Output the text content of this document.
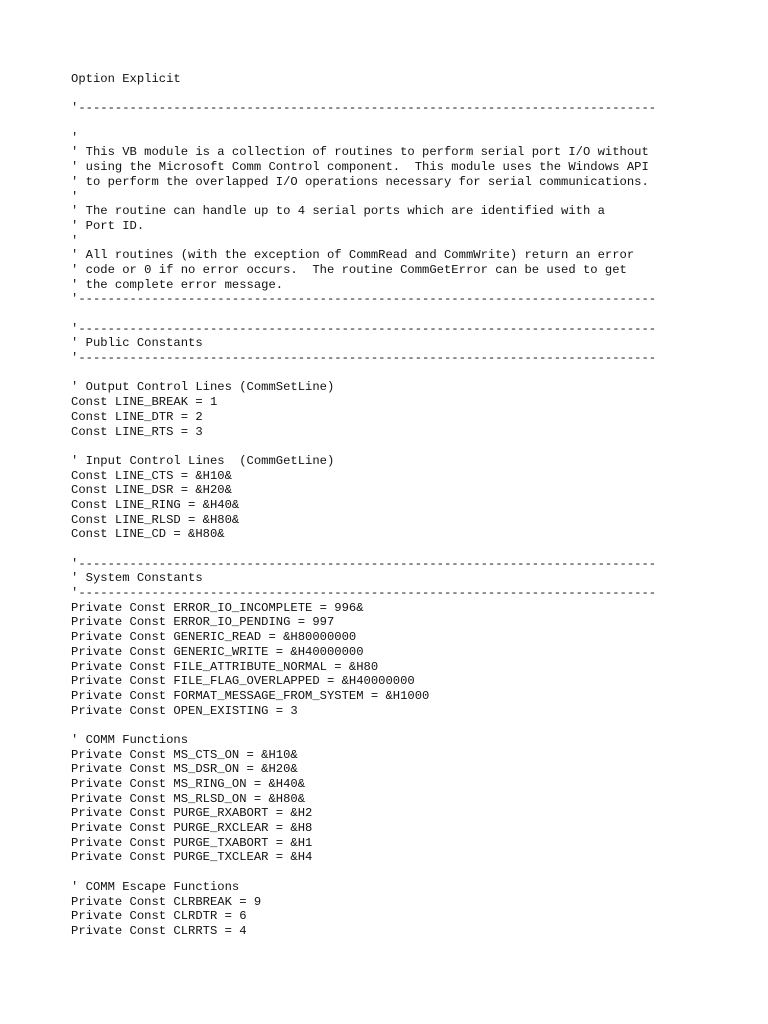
Option Explicit
'-------------------------------------------------------------------------------
'
' This VB module is a collection of routines to perform serial port I/O without
' using the Microsoft Comm Control component.  This module uses the Windows API
' to perform the overlapped I/O operations necessary for serial communications.
'
' The routine can handle up to 4 serial ports which are identified with a
' Port ID.
'
' All routines (with the exception of CommRead and CommWrite) return an error
' code or 0 if no error occurs.  The routine CommGetError can be used to get
' the complete error message.
'-------------------------------------------------------------------------------
'-------------------------------------------------------------------------------
' Public Constants
'-------------------------------------------------------------------------------
' Output Control Lines (CommSetLine)
Const LINE_BREAK = 1
Const LINE_DTR = 2
Const LINE_RTS = 3
' Input Control Lines  (CommGetLine)
Const LINE_CTS = &H10&
Const LINE_DSR = &H20&
Const LINE_RING = &H40&
Const LINE_RLSD = &H80&
Const LINE_CD = &H80&
'-------------------------------------------------------------------------------
' System Constants
'-------------------------------------------------------------------------------
Private Const ERROR_IO_INCOMPLETE = 996&
Private Const ERROR_IO_PENDING = 997
Private Const GENERIC_READ = &H80000000
Private Const GENERIC_WRITE = &H40000000
Private Const FILE_ATTRIBUTE_NORMAL = &H80
Private Const FILE_FLAG_OVERLAPPED = &H40000000
Private Const FORMAT_MESSAGE_FROM_SYSTEM = &H1000
Private Const OPEN_EXISTING = 3
' COMM Functions
Private Const MS_CTS_ON = &H10&
Private Const MS_DSR_ON = &H20&
Private Const MS_RING_ON = &H40&
Private Const MS_RLSD_ON = &H80&
Private Const PURGE_RXABORT = &H2
Private Const PURGE_RXCLEAR = &H8
Private Const PURGE_TXABORT = &H1
Private Const PURGE_TXCLEAR = &H4
' COMM Escape Functions
Private Const CLRBREAK = 9
Private Const CLRDTR = 6
Private Const CLRRTS = 4
